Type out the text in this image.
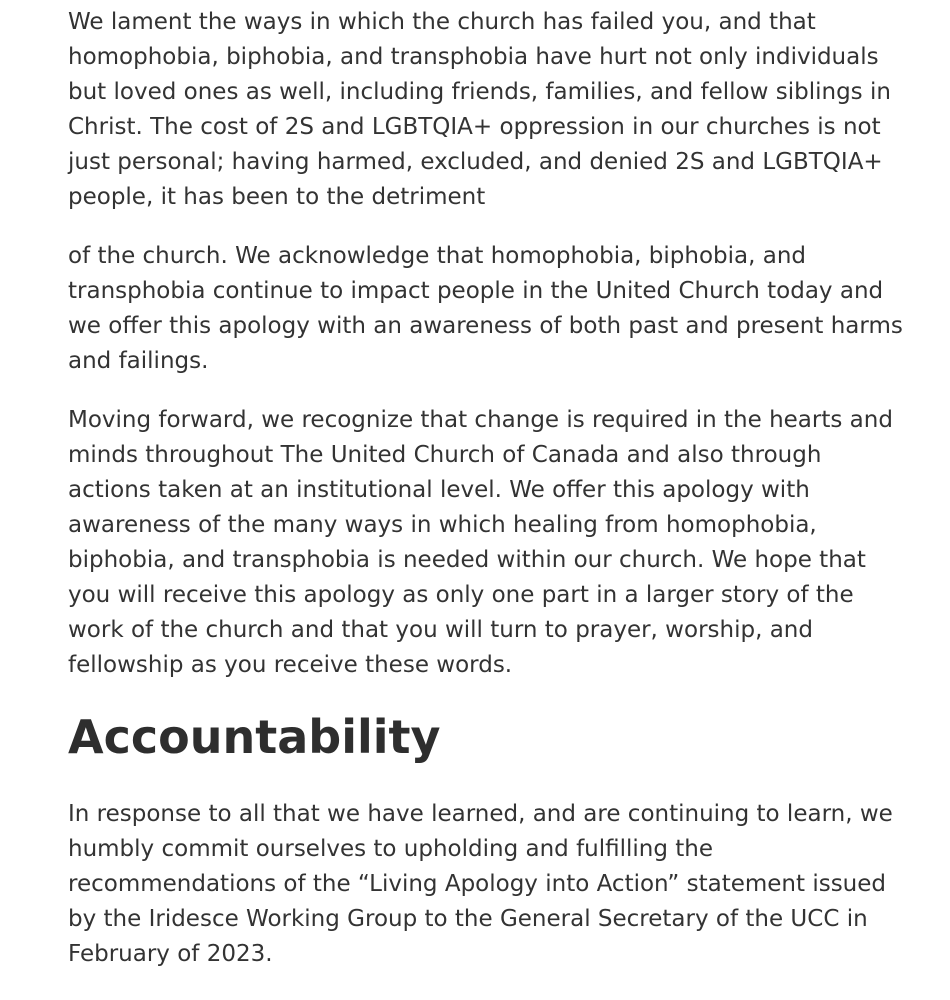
We lament the ways in which the church has failed you, and that homophobia, biphobia, and transphobia have hurt not only individuals but loved ones as well, including friends, families, and fellow siblings in Christ. The cost of 2S and LGBTQIA+ oppression in our churches is not just personal; having harmed, excluded, and denied 2S and LGBTQIA+ people, it has been to the detriment

of the church. We acknowledge that homophobia, biphobia, and transphobia continue to impact people in the United Church today and we offer this apology with an awareness of both past and present harms and failings.

Moving forward, we recognize that change is required in the hearts and minds throughout The United Church of Canada and also through actions taken at an institutional level. We offer this apology with awareness of the many ways in which healing from homophobia, biphobia, and transphobia is needed within our church. We hope that you will receive this apology as only one part in a larger story of the work of the church and that you will turn to prayer, worship, and fellowship as you receive these words.

Accountability

In response to all that we have learned, and are continuing to learn, we humbly commit ourselves to upholding and fulfilling the recommendations of the “Living Apology into Action” statement issued by the Iridesce Working Group to the General Secretary of the UCC in February of 2023.
